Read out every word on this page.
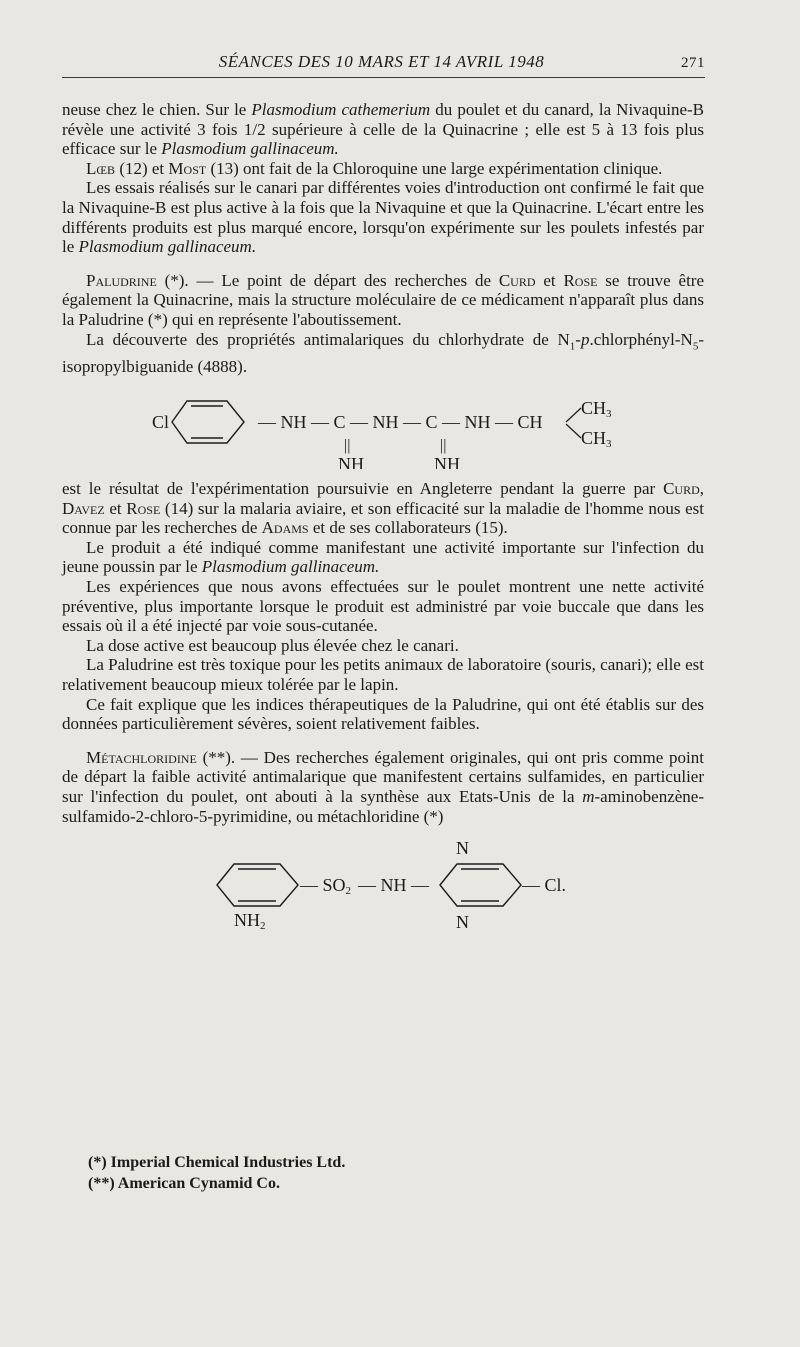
SÉANCES DES 10 MARS ET 14 AVRIL 1948	271

neuse chez le chien. Sur le Plasmodium cathemerium du poulet et du canard, la Nivaquine-B révèle une activité 3 fois 1/2 supérieure à celle de la Quinacrine ; elle est 5 à 13 fois plus efficace sur le Plasmodium gallinaceum.

Lœb (12) et Most (13) ont fait de la Chloroquine une large expérimentation clinique.

Les essais réalisés sur le canari par différentes voies d'introduction ont confirmé le fait que la Nivaquine-B est plus active à la fois que la Nivaquine et que la Quinacrine. L'écart entre les différents produits est plus marqué encore, lorsqu'on expérimente sur les poulets infestés par le Plasmodium gallinaceum.

Paludrine (*). — Le point de départ des recherches de Curd et Rose se trouve être également la Quinacrine, mais la structure moléculaire de ce médicament n'apparaît plus dans la Paludrine (*) qui en représente l'aboutissement.

La découverte des propriétés antimalariques du chlorhydrate de $N_1-p.chlorphényl-N_5$-isopropylbiguanide (4888).

Cl	— NH — C — NH — C — NH — CH
CH3
CH3
||	||
NH	NH

est le résultat de l'expérimentation poursuivie en Angleterre pendant la guerre par Curd, Davez et Rose (14) sur la malaria aviaire, et son efficacité sur la maladie de l'homme nous est connue par les recherches de Adams et de ses collaborateurs (15).

Le produit a été indiqué comme manifestant une activité importante sur l'infection du jeune poussin par le Plasmodium gallinaceum.

Les expériences que nous avons effectuées sur le poulet montrent une nette activité préventive, plus importante lorsque le produit est administré par voie buccale que dans les essais où il a été injecté par voie sous-cutanée.

La dose active est beaucoup plus élevée chez le canari.

La Paludrine est très toxique pour les petits animaux de laboratoire (souris, canari); elle est relativement beaucoup mieux tolérée par le lapin.

Ce fait explique que les indices thérapeutiques de la Paludrine, qui ont été établis sur des données particulièrement sévères, soient relativement faibles.

Métachloridine (**). — Des recherches également originales, qui ont pris comme point de départ la faible activité antimalarique que manifestent certains sulfamides, en particulier sur l'infection du poulet, ont abouti à la synthèse aux Etats-Unis de la m-aminobenzène-sulfamido-2-chloro-5-pyrimidine, ou métachloridine (*)

— SO2 — NH —	— Cl.
N
N
NH2
(*) Imperial Chemical Industries Ltd.
(**) American Cynamid Co.
